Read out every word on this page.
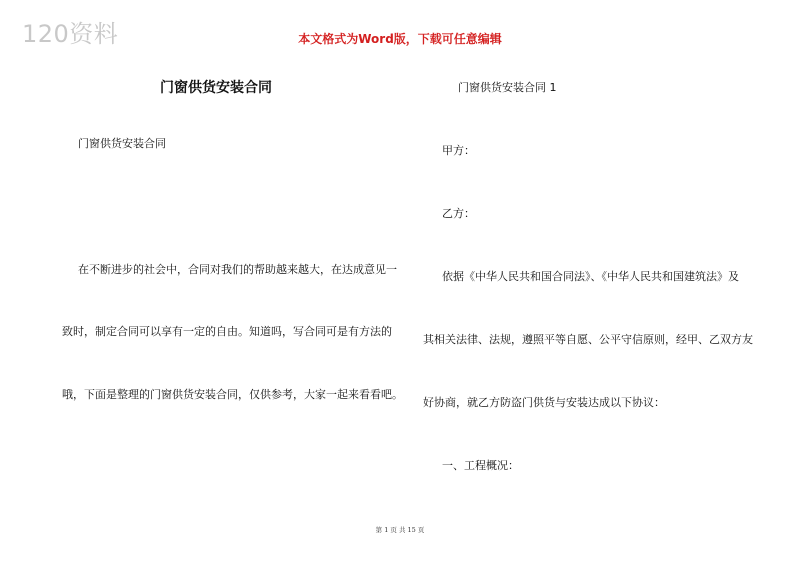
120资料	本文格式为Word版，下载可任意编辑
门窗供货安装合同
门窗供货安装合同
在不断进步的社会中，合同对我们的帮助越来越大，在达成意见一
致时，制定合同可以享有一定的自由。知道吗，写合同可是有方法的
哦，下面是整理的门窗供货安装合同，仅供参考，大家一起来看看吧。
门窗供货安装合同 1
甲方：
乙方：
依据《中华人民共和国合同法》、《中华人民共和国建筑法》及
其相关法律、法规，遵照平等自愿、公平守信原则，经甲、乙双方友
好协商，就乙方防盗门供货与安装达成以下协议：
一、工程概况：
第 1 页 共 15 页
